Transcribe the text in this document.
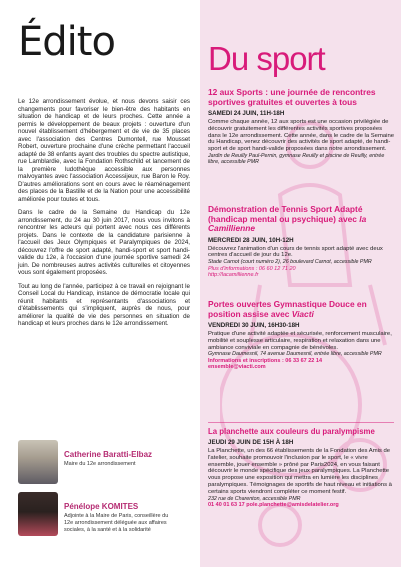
Édito

Le 12e arrondissement évolue, et nous devons saisir ces changements pour favoriser le bien-être des habitants en situation de handicap et de leurs proches. Cette année a permis le développement de beaux projets : ouverture d'un nouvel établissement d'hébergement et de vie de 35 places avec l'association des Centres Dumontell, rue Mousset Robert, ouverture prochaine d'une crèche permettant l'accueil adapté de 38 enfants ayant des troubles du spectre autistique, rue Lamblardie, avec la Fondation Rothschild et lancement de la première ludothèque accessible aux personnes malvoyantes avec l'association Accessijeux, rue Baron le Roy. D'autres améliorations sont en cours avec le réaménagement des places de la Bastille et de la Nation pour une accessibilité améliorée pour toutes et tous.

Dans le cadre de la Semaine du Handicap du 12e arrondissement, du 24 au 30 juin 2017, nous vous invitons à rencontrer les acteurs qui portent avec nous ces différents projets. Dans le contexte de la candidature parisienne à l'accueil des Jeux Olympiques et Paralympiques de 2024, découvrez l'offre de sport adapté, handi-sport et sport handi-valide du 12e, à l'occasion d'une journée sportive samedi 24 juin. De nombreuses autres activités culturelles et citoyennes vous sont également proposées.

Tout au long de l'année, participez à ce travail en rejoignant le Conseil Local du Handicap, instance de démocratie locale qui réunit habitants et représentants d'associations et d'établissements qui s'impliquent, auprès de nous, pour améliorer la qualité de vie des personnes en situation de handicap et leurs proches dans le 12e arrondissement.

Catherine Baratti-Elbaz
Maire du 12e arrondissement
Pénélope KOMITES
Adjointe à la Maire de Paris, conseillère du 12e arrondissement déléguée aux affaires sociales, à la santé et à la solidarité
Du sport
12 aux Sports : une journée de rencontres sportives gratuites et ouvertes à tous
SAMEDI 24 JUIN, 11H-18H
Comme chaque année, 12 aux sports est une occasion privilégiée de découvrir gratuitement les différentes activités sportives proposées dans le 12e arrondissement. Cette année, dans le cadre de la Semaine du Handicap, venez découvrir des activités de sport adapté, de handi-sport et de sport handi-valide proposées dans notre arrondissement.
Jardin de Reuilly Paul-Pernin, gymnase Reuilly et piscine de Reuilly, entrée libre, accessible PMR
Démonstration de Tennis Sport Adapté (handicap mental ou psychique) avec la Camillienne
MERCREDI 28 JUIN, 10H-12H
Découvrez l'animation d'un cours de tennis sport adapté avec deux centres d'accueil de jour du 12e.
Stade Carnot (court numéro 2), 26 boulevard Carnot, accessible PMR
Plus d'informations : 06 60 12 71 20
http://lacamillienne.fr
Portes ouvertes Gymnastique Douce en position assise avec Viacti
VENDREDI 30 JUIN, 16H30-18H
Pratique d'une activité adaptée et sécurisée, renforcement musculaire, mobilité et souplesse articulaire, respiration et relaxation dans une ambiance conviviale en compagnie de bénévoles.
Gymnase Daumesnil, 74 avenue Daumesnil, entrée libre, accessible PMR
Informations et inscriptions : 06 33 67 22 14
ensemble@viacti.com
La planchette aux couleurs du paralympisme
JEUDI 29 JUIN DE 15H À 18H
La Planchette, un des 66 établissements de la Fondation des Amis de l'atelier, souhaite promouvoir l'inclusion par le sport, le « vivre ensemble, jouer ensemble » prôné par Paris2024, en vous faisant découvrir le monde spécifique des jeux paralympiques. La Planchette vous propose une exposition qui mettra en lumière les disciplines paralympiques. Témoignages de sportifs de haut niveau et initiations à certains sports viendront compléter ce moment festif.
232 rue de Charenton, accessible PMR
01 40 01 63 17 pole.planchette@amisdelatelier.org
